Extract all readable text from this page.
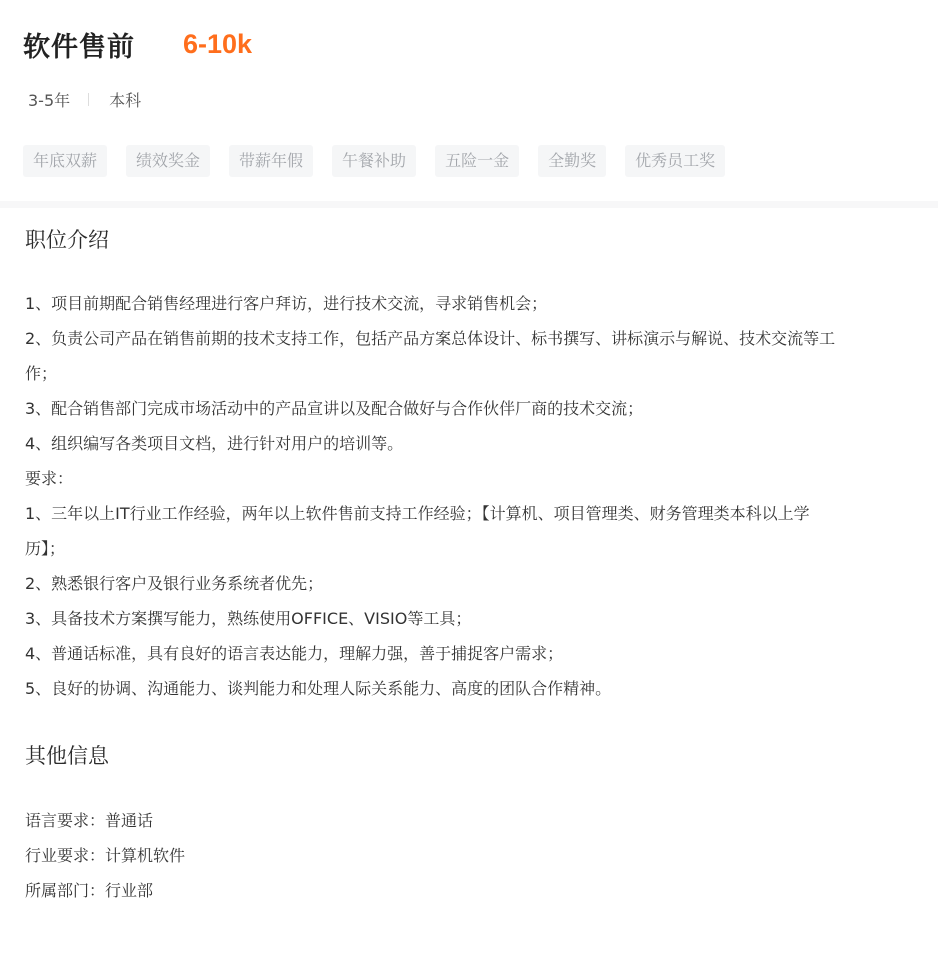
软件售前 6-10k
3-5年 本科
年底双薪	绩效奖金	带薪年假	午餐补助	五险一金	全勤奖	优秀员工奖
职位介绍
1、项目前期配合销售经理进行客户拜访，进行技术交流，寻求销售机会；
2、负责公司产品在销售前期的技术支持工作，包括产品方案总体设计、标书撰写、讲标演示与解说、技术交流等工
作；
3、配合销售部门完成市场活动中的产品宣讲以及配合做好与合作伙伴厂商的技术交流；
4、组织编写各类项目文档，进行针对用户的培训等。
要求：
1、三年以上IT行业工作经验，两年以上软件售前支持工作经验；【计算机、项目管理类、财务管理类本科以上学
历】；
2、熟悉银行客户及银行业务系统者优先；
3、具备技术方案撰写能力，熟练使用OFFICE、VISIO等工具；
4、普通话标准，具有良好的语言表达能力，理解力强，善于捕捉客户需求；
5、良好的协调、沟通能力、谈判能力和处理人际关系能力、高度的团队合作精神。
其他信息
语言要求：普通话
行业要求：计算机软件
所属部门：行业部
